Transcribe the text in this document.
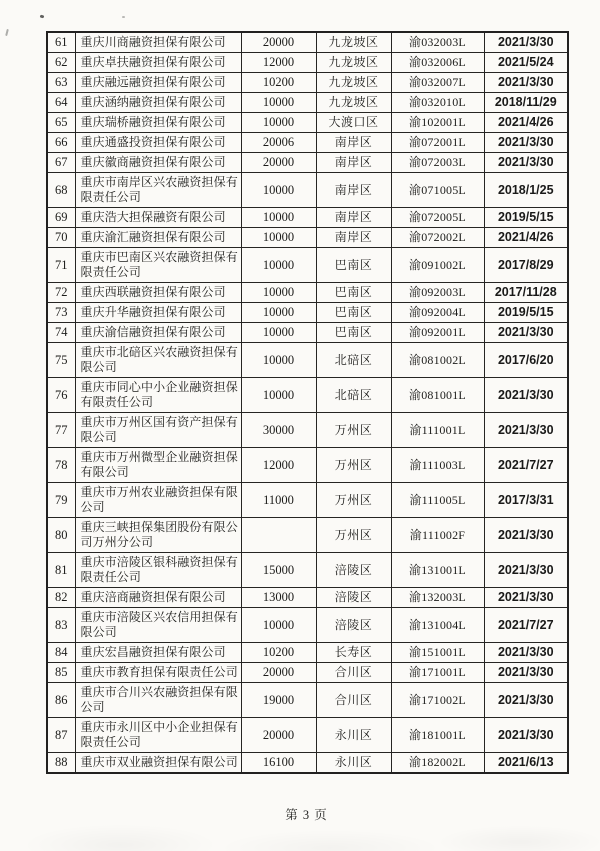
61	重庆川商融资担保有限公司	20000	九龙坡区	渝032003L	2021/3/30
62	重庆卓扶融资担保有限公司	12000	九龙坡区	渝032006L	2021/5/24
63	重庆融远融资担保有限公司	10200	九龙坡区	渝032007L	2021/3/30
64	重庆涵纳融资担保有限公司	10000	九龙坡区	渝032010L	2018/11/29
65	重庆瑞桥融资担保有限公司	10000	大渡口区	渝102001L	2021/4/26
66	重庆通盛投资担保有限公司	20006	南岸区	渝072001L	2021/3/30
67	重庆徽商融资担保有限公司	20000	南岸区	渝072003L	2021/3/30
68	重庆市南岸区兴农融资担保有限责任公司	10000	南岸区	渝071005L	2018/1/25
69	重庆浩大担保融资有限公司	10000	南岸区	渝072005L	2019/5/15
70	重庆渝汇融资担保有限公司	10000	南岸区	渝072002L	2021/4/26
71	重庆市巴南区兴农融资担保有限责任公司	10000	巴南区	渝091002L	2017/8/29
72	重庆西联融资担保有限公司	10000	巴南区	渝092003L	2017/11/28
73	重庆升华融资担保有限公司	10000	巴南区	渝092004L	2019/5/15
74	重庆渝信融资担保有限公司	10000	巴南区	渝092001L	2021/3/30
75	重庆市北碚区兴农融资担保有限公司	10000	北碚区	渝081002L	2017/6/20
76	重庆市同心中小企业融资担保有限责任公司	10000	北碚区	渝081001L	2021/3/30
77	重庆市万州区国有资产担保有限公司	30000	万州区	渝111001L	2021/3/30
78	重庆市万州微型企业融资担保有限公司	12000	万州区	渝111003L	2021/7/27
79	重庆市万州农业融资担保有限公司	11000	万州区	渝111005L	2017/3/31
80	重庆三峡担保集团股份有限公司万州分公司		万州区	渝111002F	2021/3/30
81	重庆市涪陵区银科融资担保有限责任公司	15000	涪陵区	渝131001L	2021/3/30
82	重庆涪商融资担保有限公司	13000	涪陵区	渝132003L	2021/3/30
83	重庆市涪陵区兴农信用担保有限公司	10000	涪陵区	渝131004L	2021/7/27
84	重庆宏昌融资担保有限公司	10200	长寿区	渝151001L	2021/3/30
85	重庆市教育担保有限责任公司	20000	合川区	渝171001L	2021/3/30
86	重庆市合川兴农融资担保有限公司	19000	合川区	渝171002L	2021/3/30
87	重庆市永川区中小企业担保有限责任公司	20000	永川区	渝181001L	2021/3/30
88	重庆市双业融资担保有限公司	16100	永川区	渝182002L	2021/6/13
第 3 页
